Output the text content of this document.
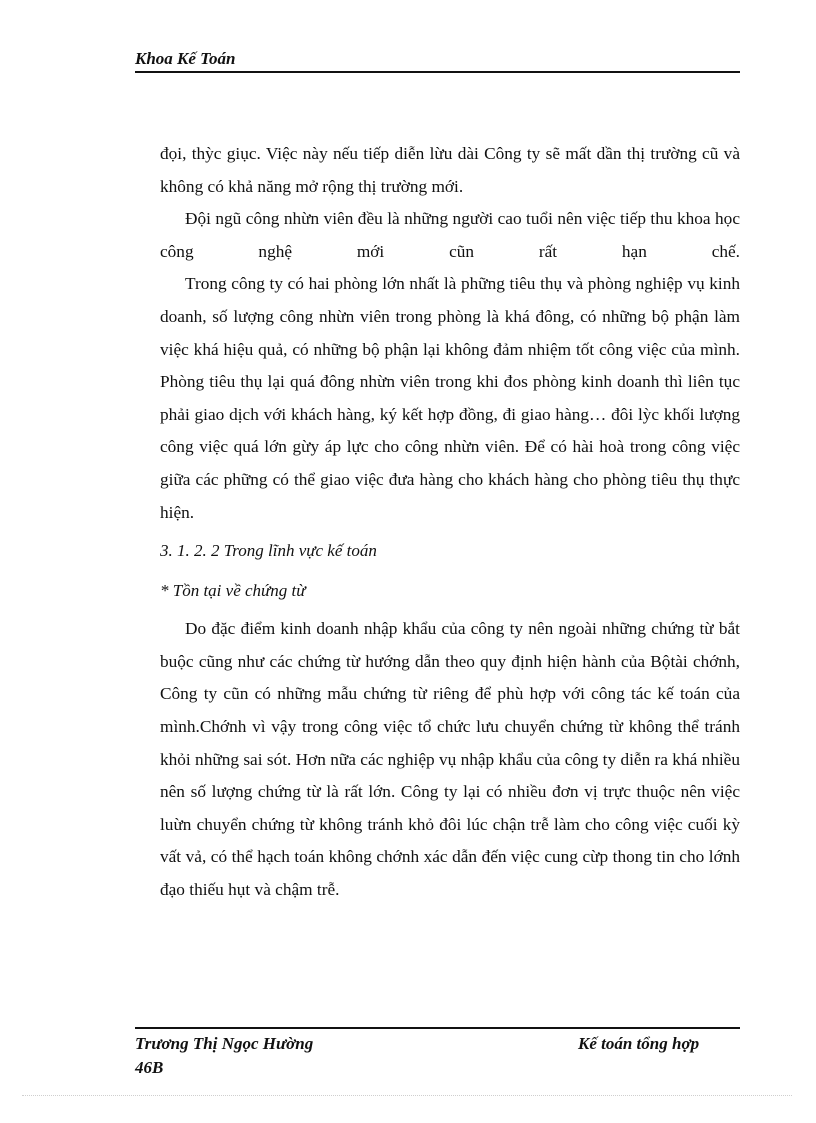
Khoa Kế Toán

đọi, thỳc giục. Việc này nếu tiếp diễn lừu dài Công ty sẽ mất dần thị trường cũ và không có khả năng mở rộng thị trường mới.

Đội ngũ công nhừn viên đều là những người cao tuổi nên việc tiếp thu khoa học công nghệ mới cũn rất hạn chế.

Trong công ty có hai phòng lớn nhất là phững tiêu thụ và phòng nghiệp vụ kinh doanh, số lượng công nhừn viên trong phòng là khá đông, có những bộ phận làm việc khá hiệu quả, có những bộ phận lại không đảm nhiệm tốt công việc của mình. Phòng tiêu thụ lại quá đông nhừn viên trong khi đos phòng kinh doanh thì liên tục phải giao dịch với khách hàng, ký kết hợp đồng, đi giao hàng… đôi lỳc khối lượng công việc quá lớn gừy áp lực cho công nhừn viên. Để có hài hoà trong công việc giữa các phững có thể giao việc đưa hàng cho khách hàng cho phòng tiêu thụ thực hiện.

3. 1. 2. 2 Trong lĩnh vực kế toán

* Tồn tại về chứng từ

Do đặc điểm kinh doanh nhập khẩu của công ty nên ngoài những chứng từ bắt buộc cũng như các chứng từ hướng dẫn theo quy định hiện hành của Bộtài chớnh, Công ty cũn có những mẫu chứng từ riêng để phù hợp với công tác kế toán của mình.Chớnh vì vậy trong công việc tổ chức lưu chuyển chứng từ không thể tránh khỏi những sai sót. Hơn nữa các nghiệp vụ nhập khẩu của công ty diễn ra khá nhiều nên số lượng chứng từ là rất lớn. Công ty lại có nhiều đơn vị trực thuộc nên việc luừn chuyển chứng từ không tránh khỏ đôi lúc chận trễ làm cho công việc cuối kỳ vất vả, có thể hạch toán không chớnh xác dẫn đến việc cung cừp thong tin cho lớnh đạo thiếu hụt và chậm trễ.

Trương Thị Ngọc Hường
46B
Kế toán tổng hợp
